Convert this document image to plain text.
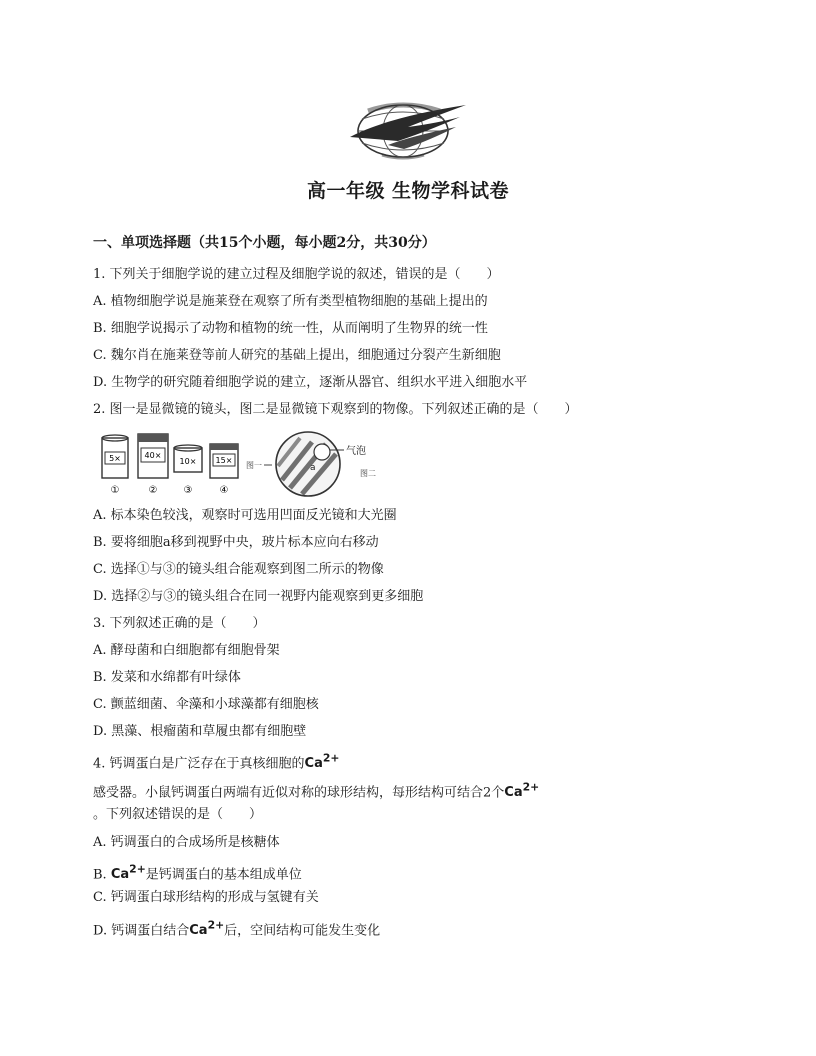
高一年级 生物学科试卷
一、单项选择题（共15个小题，每小题2分，共30分）
1. 下列关于细胞学说的建立过程及细胞学说的叙述，错误的是（　　）
A. 植物细胞学说是施莱登在观察了所有类型植物细胞的基础上提出的
B. 细胞学说揭示了动物和植物的统一性，从而阐明了生物界的统一性
C. 魏尔肖在施莱登等前人研究的基础上提出，细胞通过分裂产生新细胞
D. 生物学的研究随着细胞学说的建立，逐渐从器官、组织水平进入细胞水平
2. 图一是显微镜的镜头，图二是显微镜下观察到的物像。下列叙述正确的是（　　）
5×
①
40×
②
10×
③
15×
④
图一	a
气泡
图二
A. 标本染色较浅，观察时可选用凹面反光镜和大光圈
B. 要将细胞a移到视野中央，玻片标本应向右移动
C. 选择①与③的镜头组合能观察到图二所示的物像
D. 选择②与③的镜头组合在同一视野内能观察到更多细胞
3. 下列叙述正确的是（　　）
A. 酵母菌和白细胞都有细胞骨架
B. 发菜和水绵都有叶绿体
C. 颤蓝细菌、伞藻和小球藻都有细胞核
D. 黑藻、根瘤菌和草履虫都有细胞壁
4. 钙调蛋白是广泛存在于真核细胞的$Ca^{2+}$
感受器。小鼠钙调蛋白两端有近似对称的球形结构，每形结构可结合2个$Ca^{2+}$
。下列叙述错误的是（　　）
A. 钙调蛋白的合成场所是核糖体
B. $Ca^{2+}$是钙调蛋白的基本组成单位
C. 钙调蛋白球形结构的形成与氢键有关
D. 钙调蛋白结合$Ca^{2+}$后，空间结构可能发生变化
